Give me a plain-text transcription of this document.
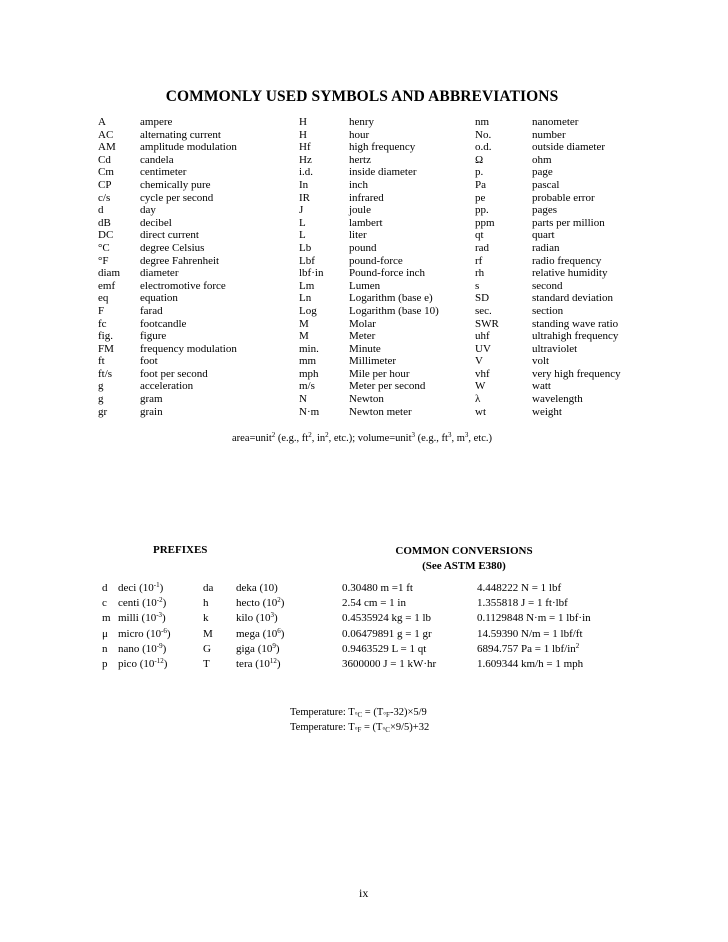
COMMONLY USED SYMBOLS AND ABBREVIATIONS
A	ampere	H	henry	nm	nanometer
AC alternating current	H	hour	No.	number
AM amplitude modulation	Hf	high frequency	o.d.	outside diameter
Cd	candela	Hz	hertz	Ω	ohm
Cm centimeter	i.d.	inside diameter	p.	page
CP	chemically pure	In	inch	Pa	pascal
c/s	cycle per second	IR	infrared	pe	probable error
d	day	J	joule	pp.	pages
dB	decibel	L	lambert	ppm	parts per million
DC direct current	L	liter	qt	quart
°C	degree Celsius	Lb	pound	rad	radian
°F	degree Fahrenheit	Lbf	pound-force	rf	radio frequency
diam diameter	lbf·in Pound-force inch	rh	relative humidity
emf electromotive force	Lm	Lumen	s	second
eq	equation	Ln	Logarithm (base e)	SD	standard deviation
F	farad	Log	Logarithm (base 10)	sec.	section
fc	footcandle	M	Molar	SWR	standing wave ratio
fig. figure	M	Meter	uhf	ultrahigh frequency
FM frequency modulation	min.	Minute	UV	ultraviolet
ft	foot	mm	Millimeter	V	volt
ft/s	foot per second	mph	Mile per hour	vhf	very high frequency
g	acceleration	m/s	Meter per second	W	watt
g	gram	N	Newton	λ	wavelength
gr	grain	N·m	Newton meter	wt	weight
area=unit$^2$ (e.g., $ft^2$, $in^2$, etc.); volume=unit$^3$ (e.g., $ft^3$, $m^3$, etc.)
PREFIXES	COMMON CONVERSIONS
(See ASTM E380)
d deci $(10^{-1})$	da deka (10)	0.30480 m =1 ft	4.448222 N = 1 lbf
c centi $(10^{-2})$	h	hecto $(10^2)$	2.54 cm = 1 in	1.355818 J = 1 ft·lbf
m milli $(10^{-3})$	k	kilo $(10^3)$	0.4535924 kg = 1 lb	0.1129848 N·m = 1 lbf·in
μ micro $(10^{-6})$	M mega $(10^6)$	0.06479891 g = 1 gr	14.59390 N/m = 1 lbf/ft
n nano $(10^{-9})$	G giga $(10^9)$	0.9463529 L = 1 qt	6894.757 Pa = 1 lbf/$in^2$
p pico $(10^{-12})$	T tera $(10^{12})$	3600000 J = 1 kW·hr	1.609344 km/h = 1 mph
Temperature: $T_{^\circ C} = (T_{^\circ F}-32)\times 5/9$
Temperature: $T_{^\circ F} = (T_{^\circ C}\times 9/5)+32$
ix
